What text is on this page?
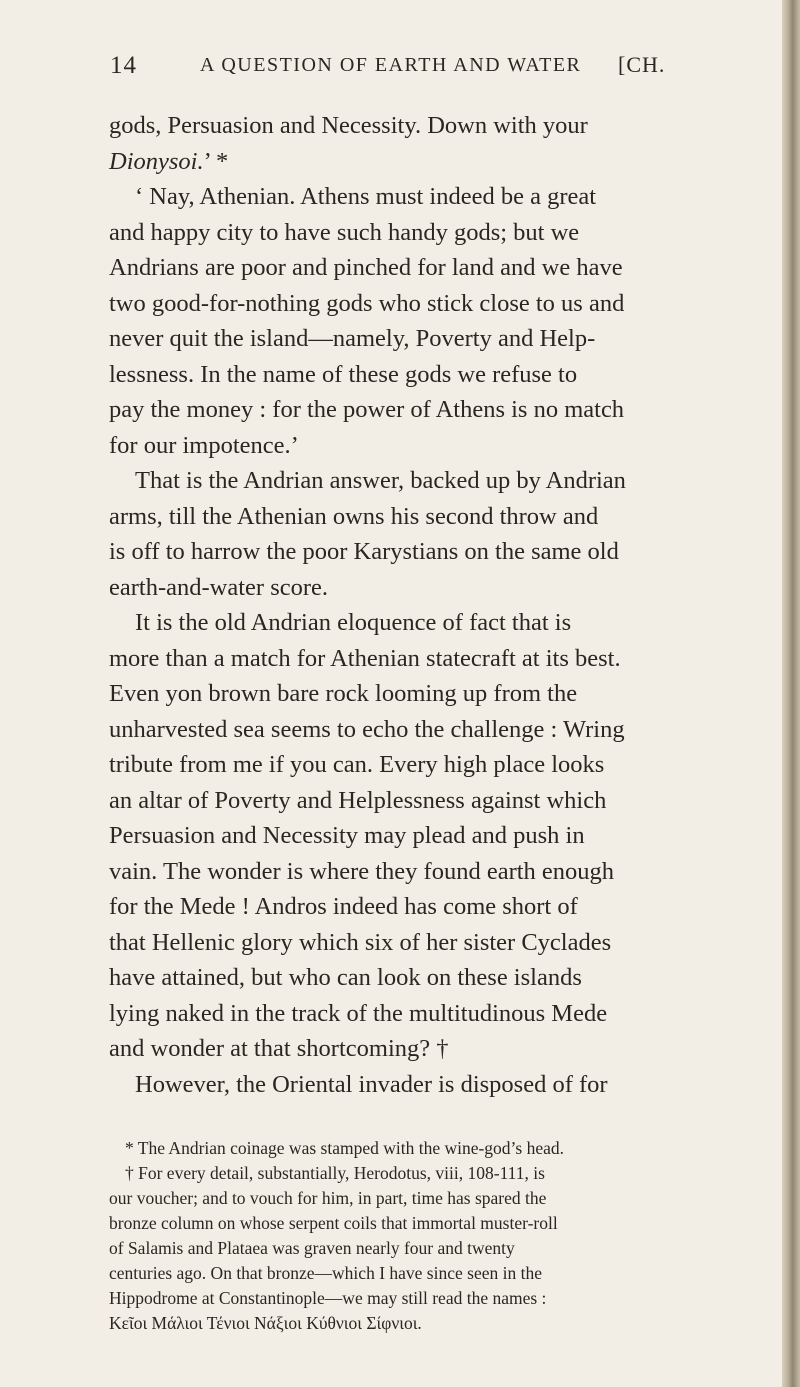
14	A QUESTION OF EARTH AND WATER [CH.
gods, Persuasion and Necessity. Down with your
Dionysoi.’ *
‘ Nay, Athenian. Athens must indeed be a great
and happy city to have such handy gods; but we
Andrians are poor and pinched for land and we have
two good-for-nothing gods who stick close to us and
never quit the island—namely, Poverty and Help-
lessness. In the name of these gods we refuse to
pay the money : for the power of Athens is no match
for our impotence.’
That is the Andrian answer, backed up by Andrian
arms, till the Athenian owns his second throw and
is off to harrow the poor Karystians on the same old
earth-and-water score.
It is the old Andrian eloquence of fact that is
more than a match for Athenian statecraft at its best.
Even yon brown bare rock looming up from the
unharvested sea seems to echo the challenge : Wring
tribute from me if you can. Every high place looks
an altar of Poverty and Helplessness against which
Persuasion and Necessity may plead and push in
vain. The wonder is where they found earth enough
for the Mede ! Andros indeed has come short of
that Hellenic glory which six of her sister Cyclades
have attained, but who can look on these islands
lying naked in the track of the multitudinous Mede
and wonder at that shortcoming? †
However, the Oriental invader is disposed of for
* The Andrian coinage was stamped with the wine-god’s head.
† For every detail, substantially, Herodotus, viii, 108-111, is
our voucher; and to vouch for him, in part, time has spared the
bronze column on whose serpent coils that immortal muster-roll
of Salamis and Plataea was graven nearly four and twenty
centuries ago. On that bronze—which I have since seen in the
Hippodrome at Constantinople—we may still read the names :
Κεῖοι Μάλιοι Τένιοι Νάξιοι Κύθνιοι Σίφνιοι.
